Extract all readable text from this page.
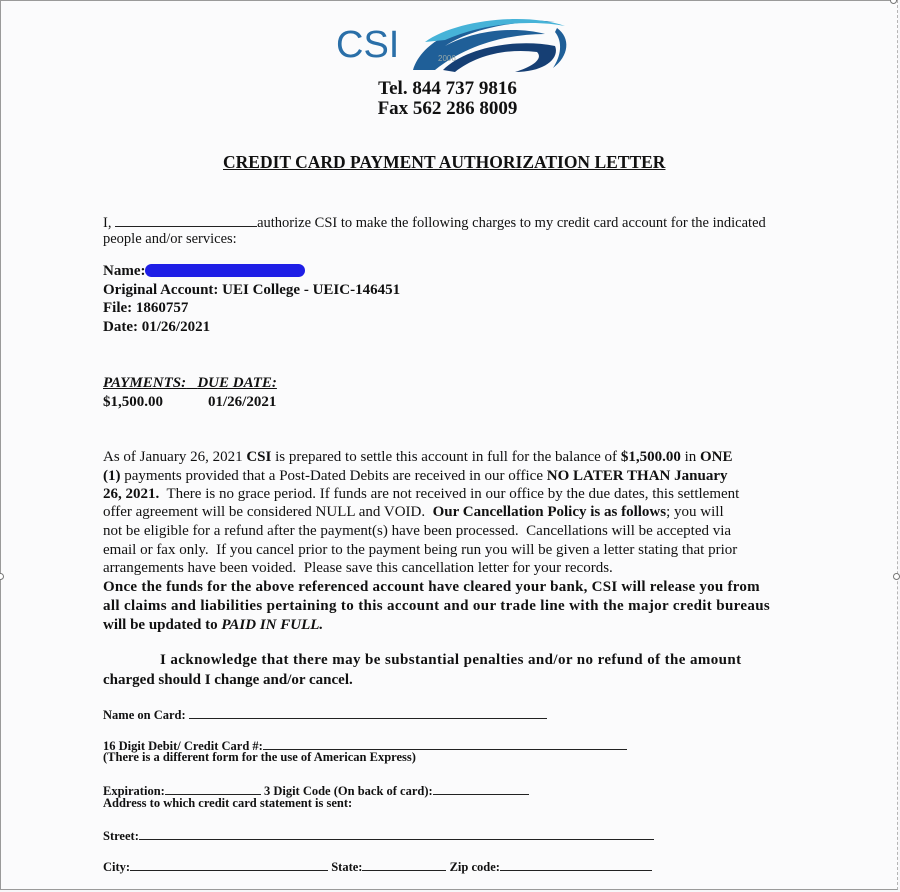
CSI	2006
Tel. 844 737 9816
Fax 562 286 8009
CREDIT CARD PAYMENT AUTHORIZATION LETTER
I,	authorize CSI to make the following charges to my credit card account for the indicated
people and/or services:
Name:
Original Account: UEI College - UEIC-146451
File: 1860757
Date: 01/26/2021
PAYMENTS: DUE DATE:
$1,500.00	01/26/2021
As of January 26, 2021 CSI is prepared to settle this account in full for the balance of $1,500.00 in ONE
(1) payments provided that a Post-Dated Debits are received in our office NO LATER THAN January
26, 2021.  There is no grace period. If funds are not received in our office by the due dates, this settlement
offer agreement will be considered NULL and VOID.  Our Cancellation Policy is as follows; you will
not be eligible for a refund after the payment(s) have been processed.  Cancellations will be accepted via
email or fax only.  If you cancel prior to the payment being run you will be given a letter stating that prior
arrangements have been voided.  Please save this cancellation letter for your records.
Once the funds for the above referenced account have cleared your bank, CSI will release you from
all claims and liabilities pertaining to this account and our trade line with the major credit bureaus
will be updated to PAID IN FULL.
I acknowledge that there may be substantial penalties and/or no refund of the amount
charged should I change and/or cancel.
Name on Card:
16 Digit Debit/ Credit Card #:
(There is a different form for the use of American Express)
Expiration:	3 Digit Code (On back of card):
Address to which credit card statement is sent:
Street:
City:	State:	Zip code:
